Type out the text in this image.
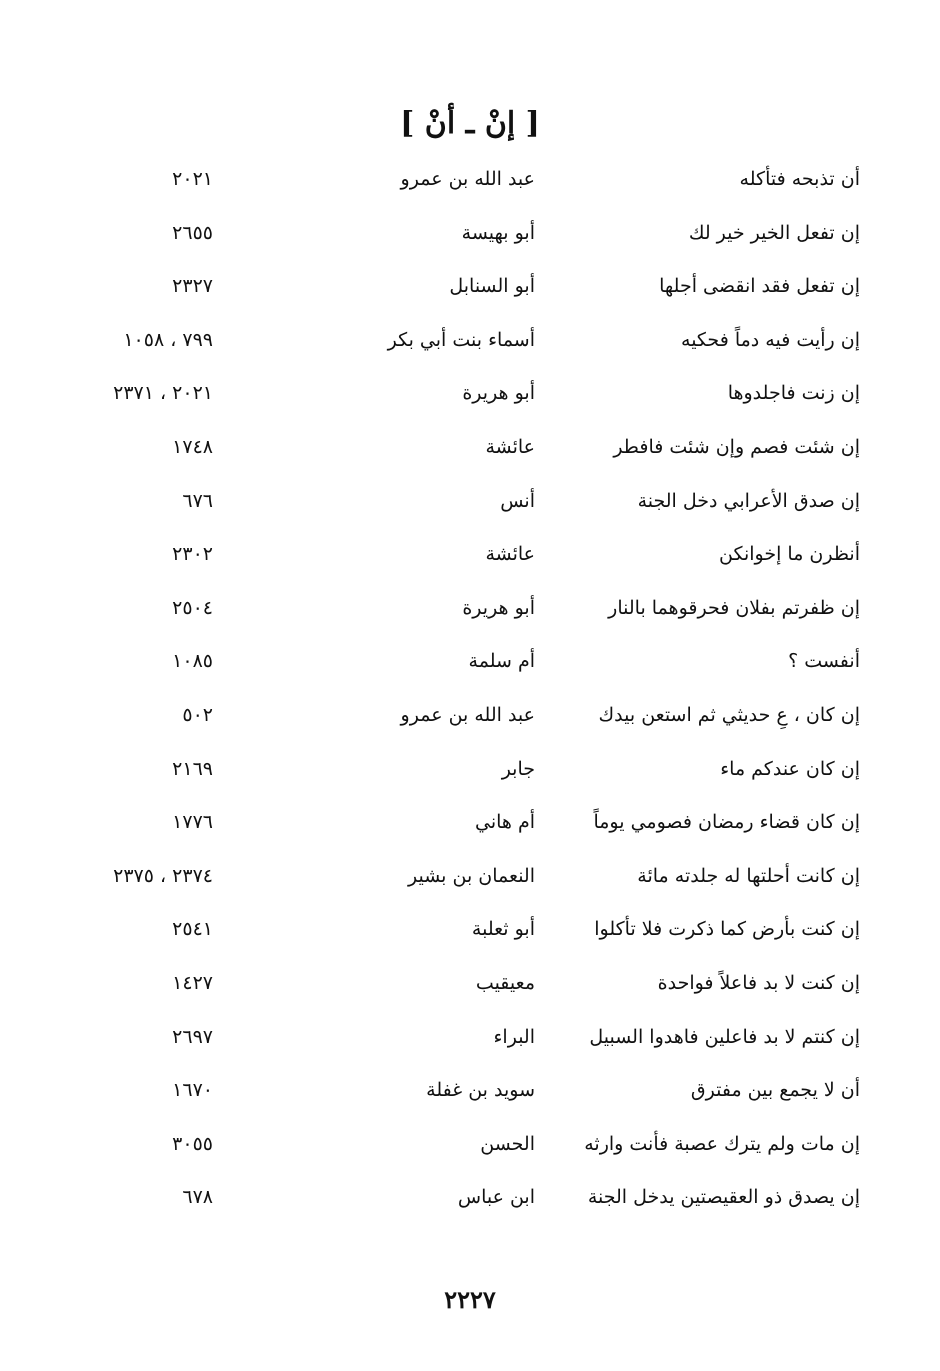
[ إنْ ـ أنْ ]
أن تذبحه فتأكله
عبد الله بن عمرو
٢٠٢١
إن تفعل الخير خير لك
أبو بهيسة
٢٦٥٥
إن تفعل فقد انقضى أجلها
أبو السنابل
٢٣٢٧
إن رأيت فيه دماً فحكيه
أسماء بنت أبي بكر
٧٩٩ ، ١٠٥٨
إن زنت فاجلدوها
أبو هريرة
٢٠٢١ ، ٢٣٧١
إن شئت فصم وإن شئت فافطر
عائشة
١٧٤٨
إن صدق الأعرابي دخل الجنة
أنس
٦٧٦
أنظرن ما إخوانكن
عائشة
٢٣٠٢
إن ظفرتم بفلان فحرقوهما بالنار
أبو هريرة
٢٥٠٤
أنفست ؟
أم سلمة
١٠٨٥
إن كان ، عِ حديثي ثم استعن بيدك
عبد الله بن عمرو
٥٠٢
إن كان عندكم ماء
جابر
٢١٦٩
إن كان قضاء رمضان فصومي يوماً
أم هاني
١٧٧٦
إن كانت أحلتها له جلدته مائة
النعمان بن بشير
٢٣٧٤ ، ٢٣٧٥
إن كنت بأرض كما ذكرت فلا تأكلوا
أبو ثعلبة
٢٥٤١
إن كنت لا بد فاعلاً فواحدة
معيقيب
١٤٢٧
إن كنتم لا بد فاعلين فاهدوا السبيل
البراء
٢٦٩٧
أن لا يجمع بين مفترق
سويد بن غفلة
١٦٧٠
إن مات ولم يترك عصبة فأنت وارثه
الحسن
٣٠٥٥
إن يصدق ذو العقيصتين يدخل الجنة
ابن عباس
٦٧٨
٢٢٢٧
